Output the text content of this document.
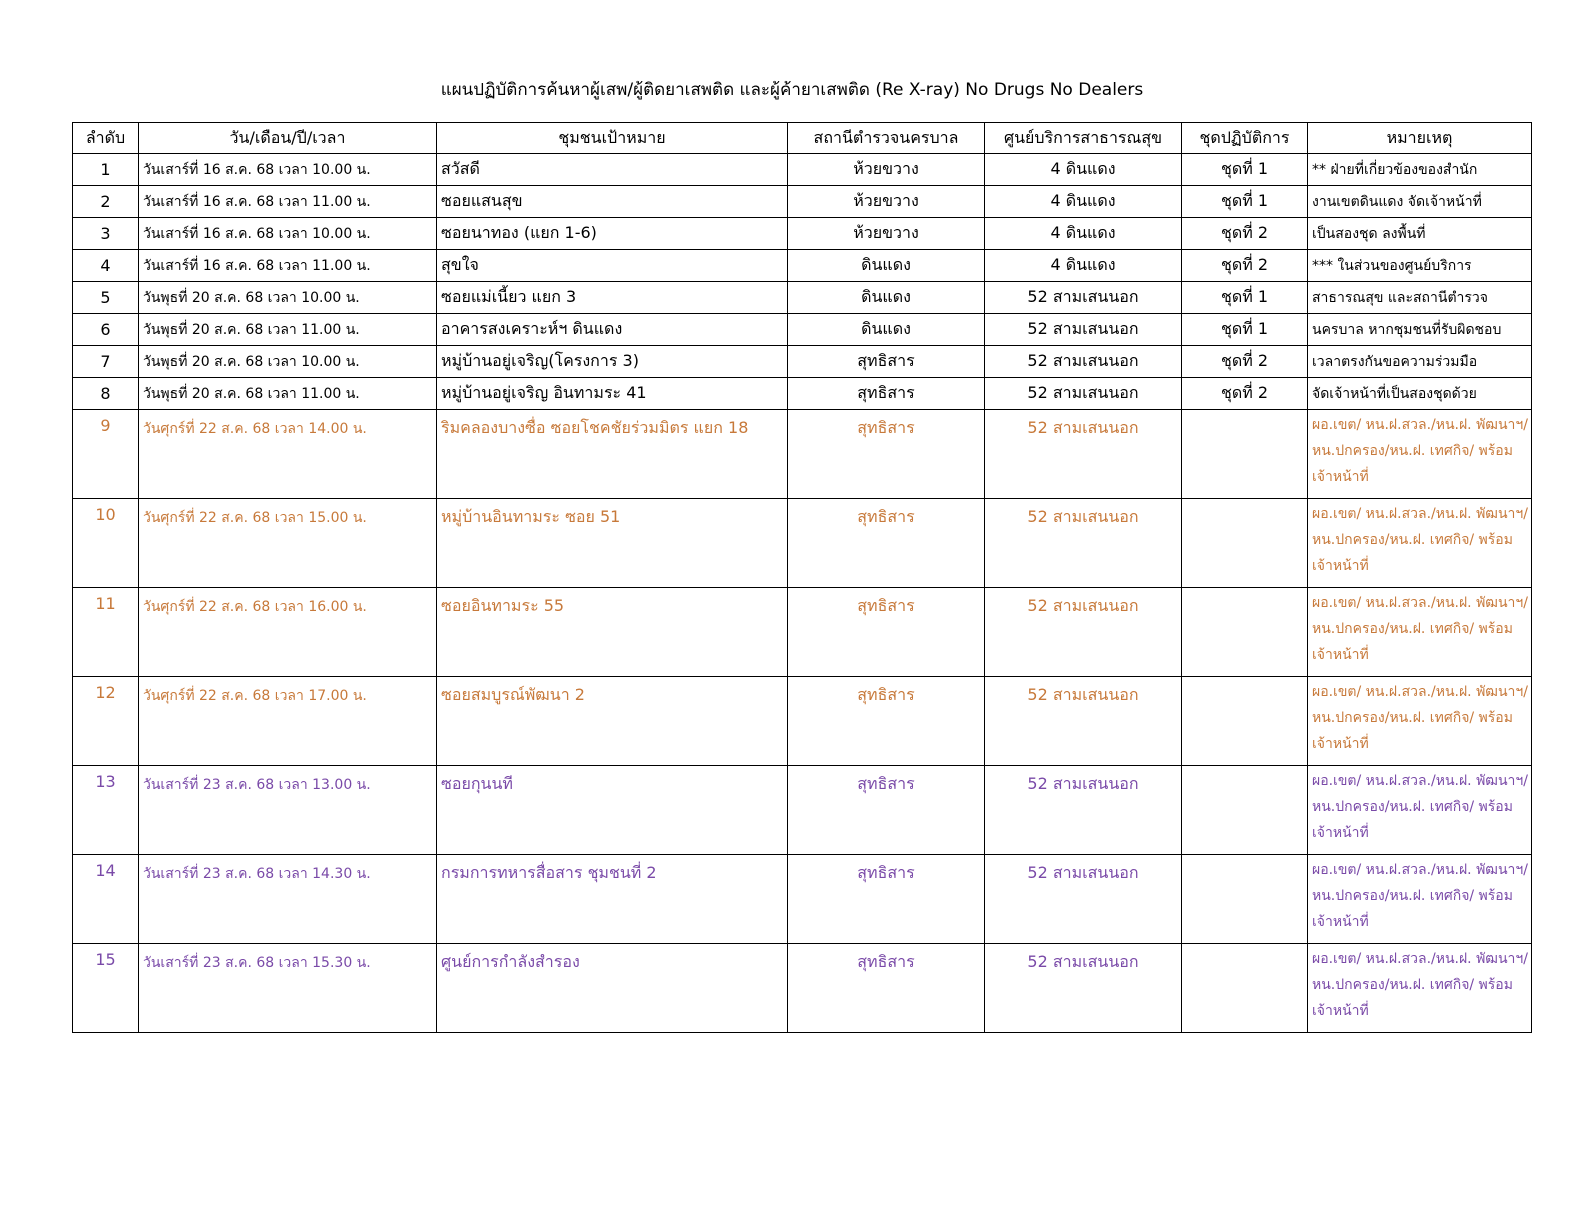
แผนปฏิบัติการค้นหาผู้เสพ/ผู้ติดยาเสพติด และผู้ค้ายาเสพติด (Re X-ray) No Drugs No Dealers
ลำดับ	วัน/เดือน/ปี/เวลา	ชุมชนเป้าหมาย	สถานีตำรวจนครบาล	ศูนย์บริการสาธารณสุข	ชุดปฏิบัติการ	หมายเหตุ
1	วันเสาร์ที่ 16 ส.ค. 68 เวลา 10.00 น.	สวัสดี	ห้วยขวาง	4 ดินแดง	ชุดที่ 1	** ฝ่ายที่เกี่ยวข้องของสำนัก
2	วันเสาร์ที่ 16 ส.ค. 68 เวลา 11.00 น.	ซอยแสนสุข	ห้วยขวาง	4 ดินแดง	ชุดที่ 1	งานเขตดินแดง จัดเจ้าหน้าที่
3	วันเสาร์ที่ 16 ส.ค. 68 เวลา 10.00 น.	ซอยนาทอง (แยก 1-6)	ห้วยขวาง	4 ดินแดง	ชุดที่ 2	เป็นสองชุด ลงพื้นที่
4	วันเสาร์ที่ 16 ส.ค. 68 เวลา 11.00 น.	สุขใจ	ดินแดง	4 ดินแดง	ชุดที่ 2	*** ในส่วนของศูนย์บริการ
5	วันพุธที่ 20 ส.ค. 68 เวลา 10.00 น.	ซอยแม่เนี้ยว แยก 3	ดินแดง	52 สามเสนนอก	ชุดที่ 1	สาธารณสุข และสถานีตำรวจ
6	วันพุธที่ 20 ส.ค. 68 เวลา 11.00 น.	อาคารสงเคราะห์ฯ ดินแดง	ดินแดง	52 สามเสนนอก	ชุดที่ 1	นครบาล หากชุมชนที่รับผิดชอบ
7	วันพุธที่ 20 ส.ค. 68 เวลา 10.00 น.	หมู่บ้านอยู่เจริญ(โครงการ 3)	สุทธิสาร	52 สามเสนนอก	ชุดที่ 2	เวลาตรงกันขอความร่วมมือ
8	วันพุธที่ 20 ส.ค. 68 เวลา 11.00 น.	หมู่บ้านอยู่เจริญ อินทามระ 41	สุทธิสาร	52 สามเสนนอก	ชุดที่ 2	จัดเจ้าหน้าที่เป็นสองชุดด้วย
9	วันศุกร์ที่ 22 ส.ค. 68 เวลา 14.00 น.	ริมคลองบางซื่อ ซอยโชคชัยร่วมมิตร แยก 18	สุทธิสาร	52 สามเสนนอก		ผอ.เขต/ หน.ฝ.สวล./หน.ฝ. พัฒนาฯ/ หน.ปกครอง/หน.ฝ. เทศกิจ/ พร้อมเจ้าหน้าที่
10	วันศุกร์ที่ 22 ส.ค. 68 เวลา 15.00 น.	หมู่บ้านอินทามระ ซอย 51	สุทธิสาร	52 สามเสนนอก		ผอ.เขต/ หน.ฝ.สวล./หน.ฝ. พัฒนาฯ/ หน.ปกครอง/หน.ฝ. เทศกิจ/ พร้อมเจ้าหน้าที่
11	วันศุกร์ที่ 22 ส.ค. 68 เวลา 16.00 น.	ซอยอินทามระ 55	สุทธิสาร	52 สามเสนนอก		ผอ.เขต/ หน.ฝ.สวล./หน.ฝ. พัฒนาฯ/ หน.ปกครอง/หน.ฝ. เทศกิจ/ พร้อมเจ้าหน้าที่
12	วันศุกร์ที่ 22 ส.ค. 68 เวลา 17.00 น.	ซอยสมบูรณ์พัฒนา 2	สุทธิสาร	52 สามเสนนอก		ผอ.เขต/ หน.ฝ.สวล./หน.ฝ. พัฒนาฯ/ หน.ปกครอง/หน.ฝ. เทศกิจ/ พร้อมเจ้าหน้าที่
13	วันเสาร์ที่ 23 ส.ค. 68 เวลา 13.00 น.	ซอยกุนนที	สุทธิสาร	52 สามเสนนอก		ผอ.เขต/ หน.ฝ.สวล./หน.ฝ. พัฒนาฯ/ หน.ปกครอง/หน.ฝ. เทศกิจ/ พร้อมเจ้าหน้าที่
14	วันเสาร์ที่ 23 ส.ค. 68 เวลา 14.30 น.	กรมการทหารสื่อสาร ชุมชนที่ 2	สุทธิสาร	52 สามเสนนอก		ผอ.เขต/ หน.ฝ.สวล./หน.ฝ. พัฒนาฯ/ หน.ปกครอง/หน.ฝ. เทศกิจ/ พร้อมเจ้าหน้าที่
15	วันเสาร์ที่ 23 ส.ค. 68 เวลา 15.30 น.	ศูนย์การกำลังสำรอง	สุทธิสาร	52 สามเสนนอก		ผอ.เขต/ หน.ฝ.สวล./หน.ฝ. พัฒนาฯ/ หน.ปกครอง/หน.ฝ. เทศกิจ/ พร้อมเจ้าหน้าที่
